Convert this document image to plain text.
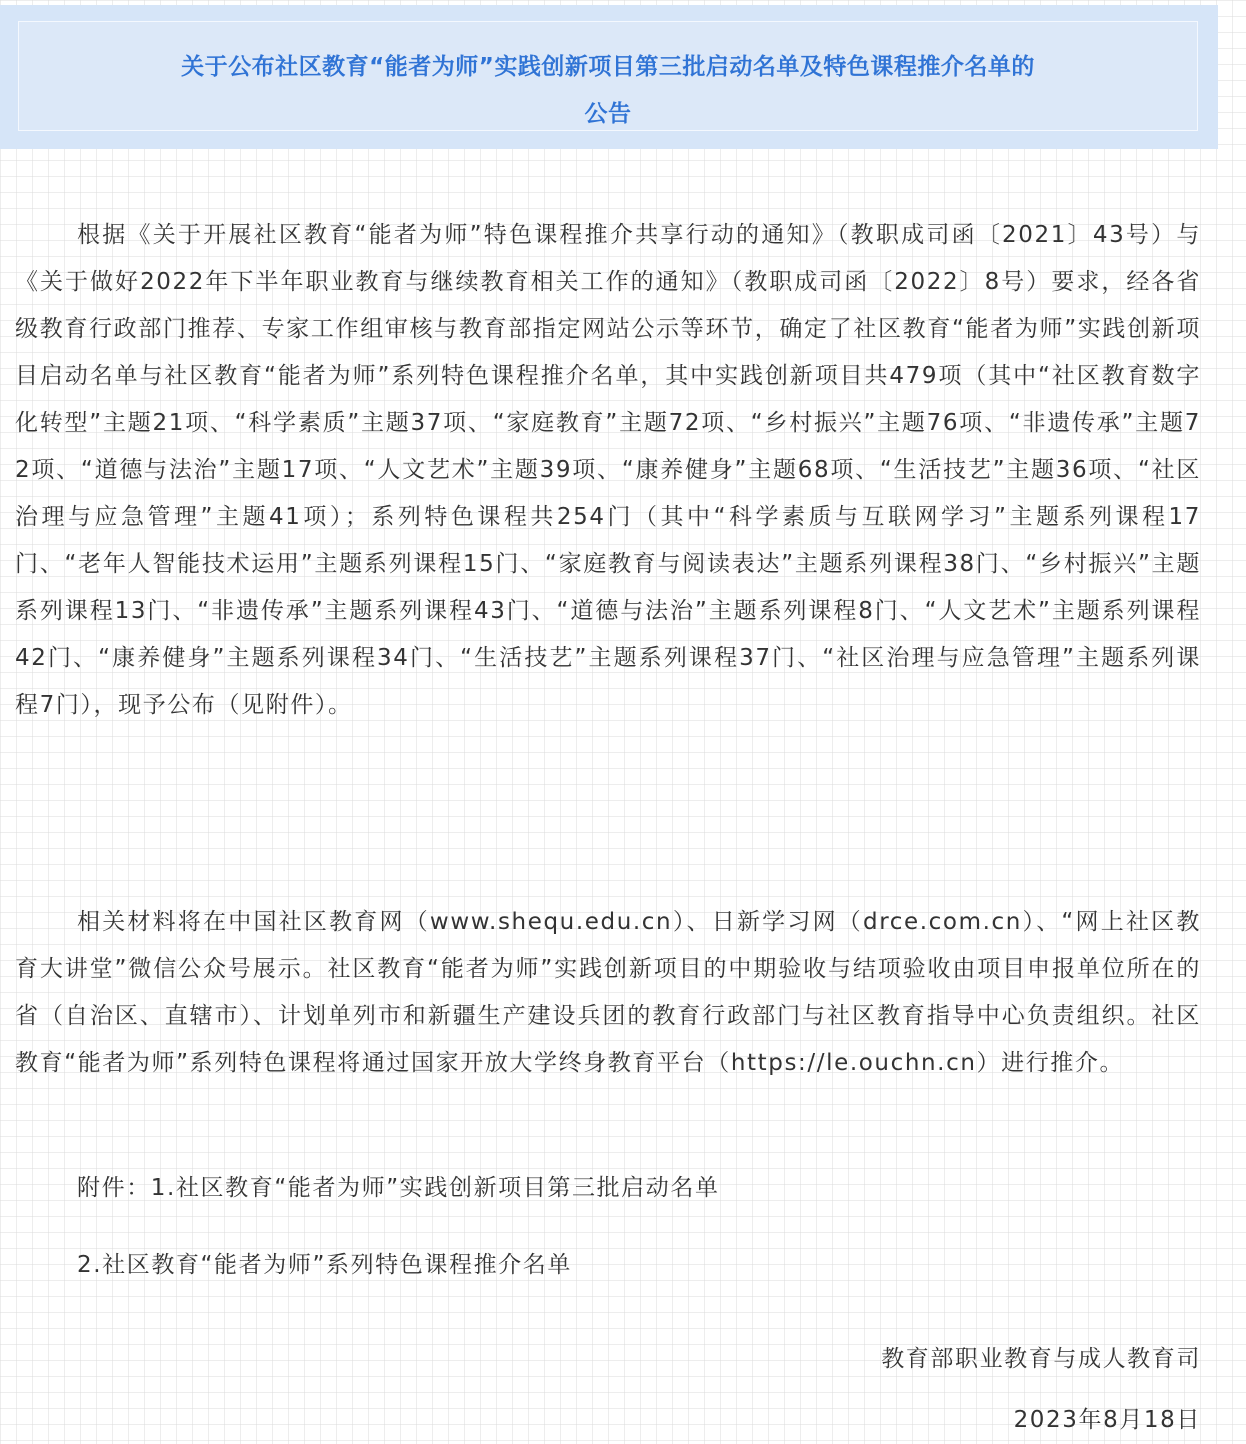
关于公布社区教育“能者为师”实践创新项目第三批启动名单及特色课程推介名单的
公告

根据《关于开展社区教育“能者为师”特色课程推介共享行动的通知》（教职成司函〔2021〕43号）与《关于做好2022年下半年职业教育与继续教育相关工作的通知》（教职成司函〔2022〕8号）要求，经各省级教育行政部门推荐、专家工作组审核与教育部指定网站公示等环节，确定了社区教育“能者为师”实践创新项目启动名单与社区教育“能者为师”系列特色课程推介名单，其中实践创新项目共479项（其中“社区教育数字化转型”主题21项、“科学素质”主题37项、“家庭教育”主题72项、“乡村振兴”主题76项、“非遗传承”主题72项、“道德与法治”主题17项、“人文艺术”主题39项、“康养健身”主题68项、“生活技艺”主题36项、“社区治理与应急管理”主题41项）；系列特色课程共254门（其中“科学素质与互联网学习”主题系列课程17门、“老年人智能技术运用”主题系列课程15门、“家庭教育与阅读表达”主题系列课程38门、“乡村振兴”主题系列课程13门、“非遗传承”主题系列课程43门、“道德与法治”主题系列课程8门、“人文艺术”主题系列课程42门、“康养健身”主题系列课程34门、“生活技艺”主题系列课程37门、“社区治理与应急管理”主题系列课程7门），现予公布（见附件）。

相关材料将在中国社区教育网（www.shequ.edu.cn）、日新学习网（drce.com.cn）、“网上社区教育大讲堂”微信公众号展示。社区教育“能者为师”实践创新项目的中期验收与结项验收由项目申报单位所在的省（自治区、直辖市）、计划单列市和新疆生产建设兵团的教育行政部门与社区教育指导中心负责组织。社区教育“能者为师”系列特色课程将通过国家开放大学终身教育平台（https://le.ouchn.cn）进行推介。

附件：1.社区教育“能者为师”实践创新项目第三批启动名单

2.社区教育“能者为师”系列特色课程推介名单

教育部职业教育与成人教育司

2023年8月18日
